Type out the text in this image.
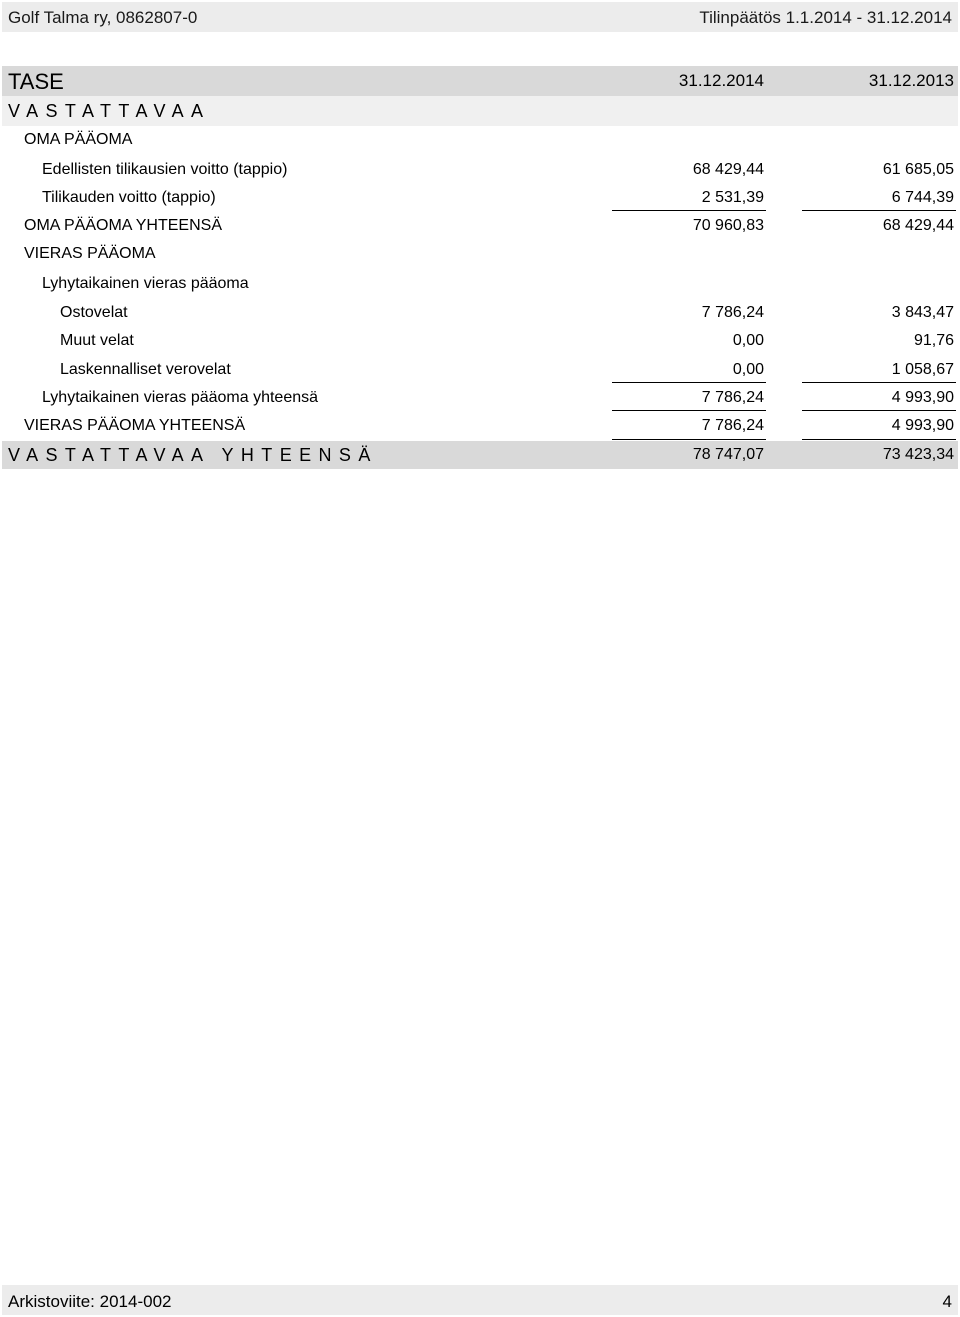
Golf Talma ry, 0862807-0	Tilinpäätös 1.1.2014 - 31.12.2014
TASE	31.12.2014	31.12.2013
VASTATTAVAA
OMA PÄÄOMA
Edellisten tilikausien voitto (tappio)	68 429,44	61 685,05
Tilikauden voitto (tappio)	2 531,39	6 744,39
OMA PÄÄOMA YHTEENSÄ	70 960,83	68 429,44
VIERAS PÄÄOMA
Lyhytaikainen vieras pääoma
Ostovelat	7 786,24	3 843,47
Muut velat	0,00	91,76
Laskennalliset verovelat	0,00	1 058,67
Lyhytaikainen vieras pääoma yhteensä	7 786,24	4 993,90
VIERAS PÄÄOMA YHTEENSÄ	7 786,24	4 993,90
VASTATTAVAA YHTEENSÄ	78 747,07	73 423,34
Arkistoviite: 2014-002	4
